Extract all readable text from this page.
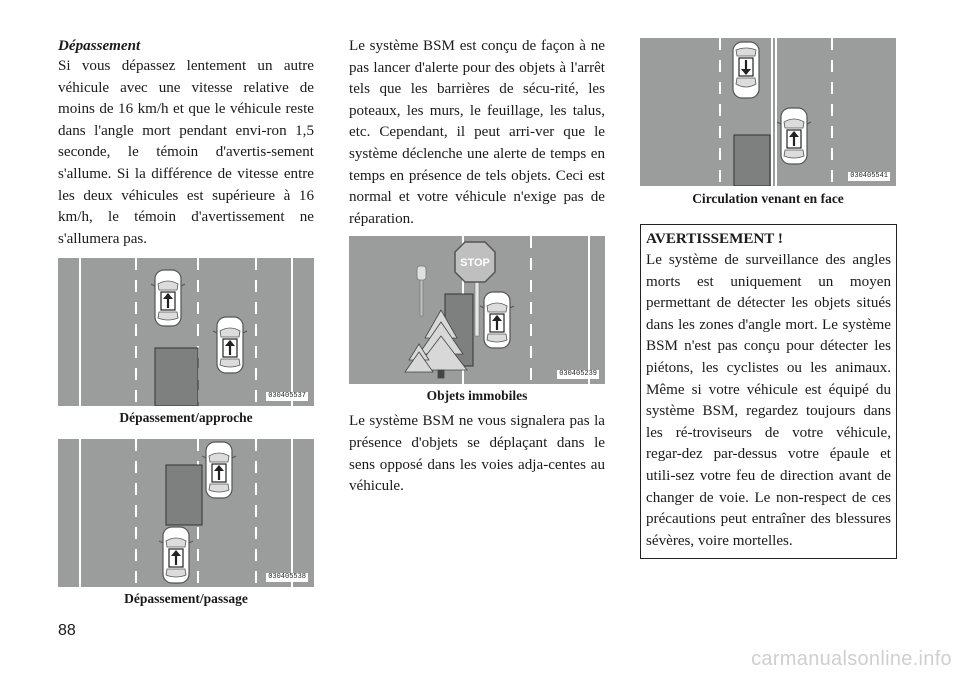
Dépassement

Si vous dépassez lentement un autre véhicule avec une vitesse relative de moins de 16 km/h et que le véhicule reste dans l'angle mort pendant envi-ron 1,5 seconde, le témoin d'avertis-sement s'allume. Si la différence de vitesse entre les deux véhicules est supérieure à 16 km/h, le témoin d'avertissement ne s'allumera pas.

030405537

Dépassement/approche

030405538

Dépassement/passage

Le système BSM est conçu de façon à ne pas lancer d'alerte pour des objets à l'arrêt tels que les barrières de sécu-rité, les poteaux, les murs, le feuillage, les talus, etc. Cependant, il peut arri-ver que le système déclenche une alerte de temps en temps en présence de tels objets. Ceci est normal et votre véhicule n'exige pas de réparation.

STOP
030405239

Objets immobiles

Le système BSM ne vous signalera pas la présence d'objets se déplaçant dans le sens opposé dans les voies adja-centes au véhicule.

030405541

Circulation venant en face

AVERTISSEMENT !

Le système de surveillance des angles morts est uniquement un moyen permettant de détecter les objets situés dans les zones d'angle mort. Le système BSM n'est pas conçu pour détecter les piétons, les cyclistes ou les animaux. Même si votre véhicule est équipé du système BSM, regardez toujours dans les ré-troviseurs de votre véhicule, regar-dez par-dessus votre épaule et utili-sez votre feu de direction avant de changer de voie. Le non-respect de ces précautions peut entraîner des blessures sévères, voire mortelles.

88
carmanualsonline.info
